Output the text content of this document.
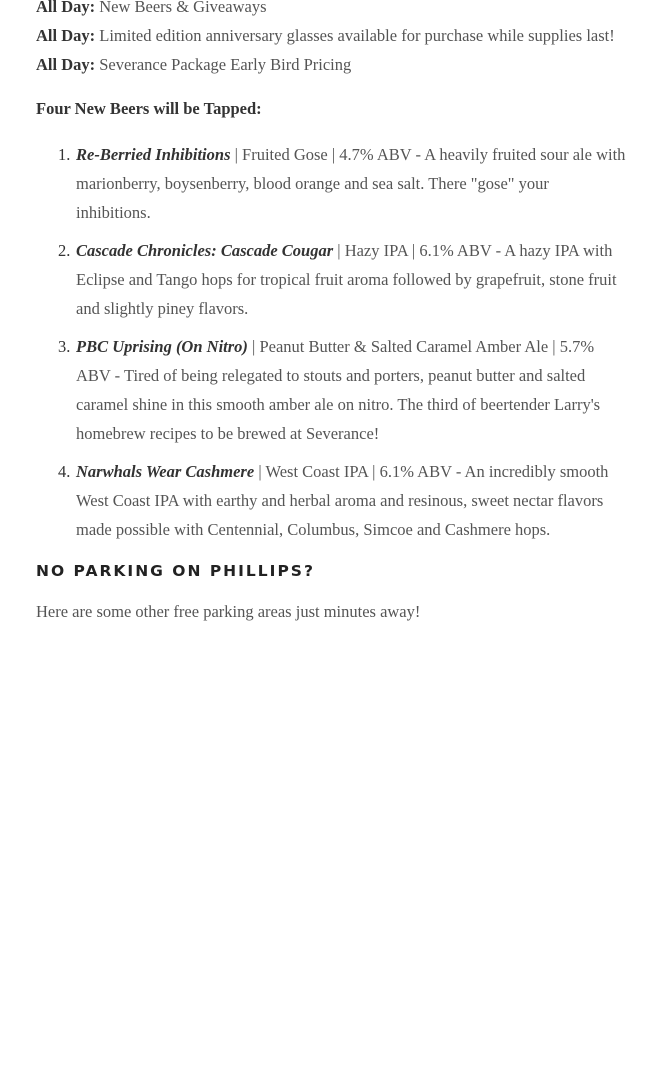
All Day: New Beers & Giveaways

All Day: Limited edition anniversary glasses available for purchase while supplies last!

All Day: Severance Package Early Bird Pricing

Four New Beers will be Tapped:

1. Re-Berried Inhibitions | Fruited Gose | 4.7% ABV - A heavily fruited sour ale with marionberry, boysenberry, blood orange and sea salt. There "gose" your inhibitions.
2. Cascade Chronicles: Cascade Cougar | Hazy IPA | 6.1% ABV - A hazy IPA with Eclipse and Tango hops for tropical fruit aroma followed by grapefruit, stone fruit and slightly piney flavors.
3. PBC Uprising (On Nitro) | Peanut Butter & Salted Caramel Amber Ale | 5.7% ABV - Tired of being relegated to stouts and porters, peanut butter and salted caramel shine in this smooth amber ale on nitro. The third of beertender Larry's homebrew recipes to be brewed at Severance!
4. Narwhals Wear Cashmere | West Coast IPA | 6.1% ABV - An incredibly smooth West Coast IPA with earthy and herbal aroma and resinous, sweet nectar flavors made possible with Centennial, Columbus, Simcoe and Cashmere hops.
NO PARKING ON PHILLIPS?

Here are some other free parking areas just minutes away!
